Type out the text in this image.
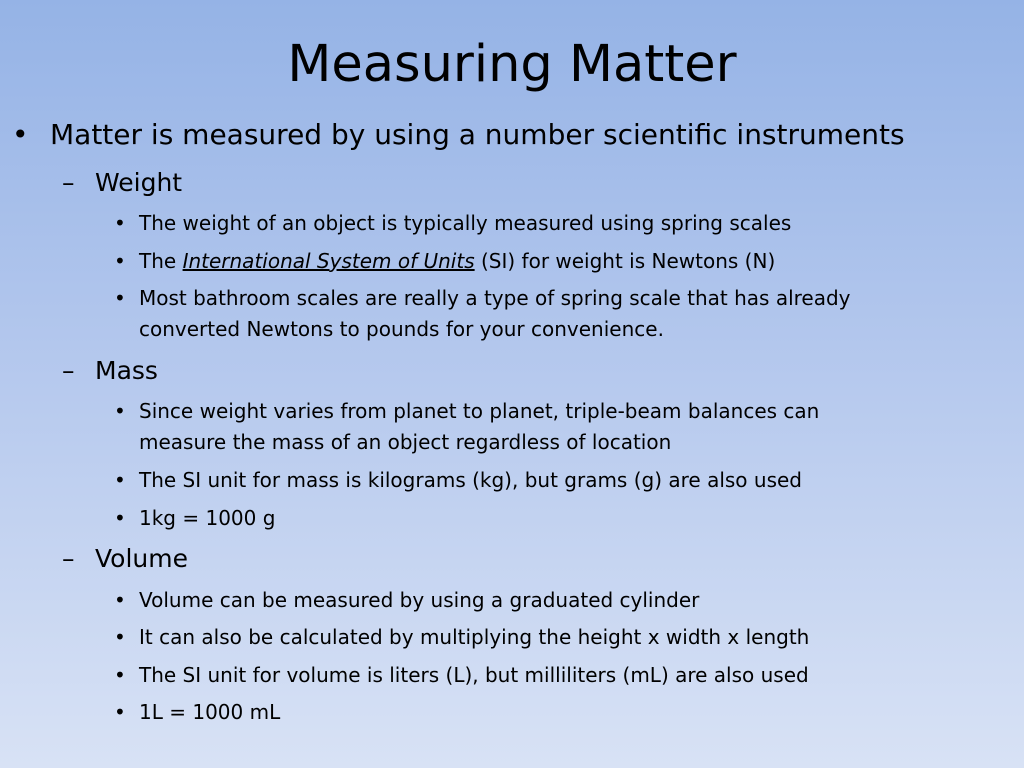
Measuring Matter
• Matter is measured by using a number scientific instruments
– Weight
• The weight of an object is typically measured using spring scales
• The International System of Units (SI) for weight is Newtons (N)
• Most bathroom scales are really a type of spring scale that has already
converted Newtons to pounds for your convenience.
– Mass
• Since weight varies from planet to planet, triple-beam balances can
measure the mass of an object regardless of location
• The SI unit for mass is kilograms (kg), but grams (g) are also used
• 1kg = 1000 g
– Volume
• Volume can be measured by using a graduated cylinder
• It can also be calculated by multiplying the height x width x length
• The SI unit for volume is liters (L), but milliliters (mL) are also used
• 1L = 1000 mL
